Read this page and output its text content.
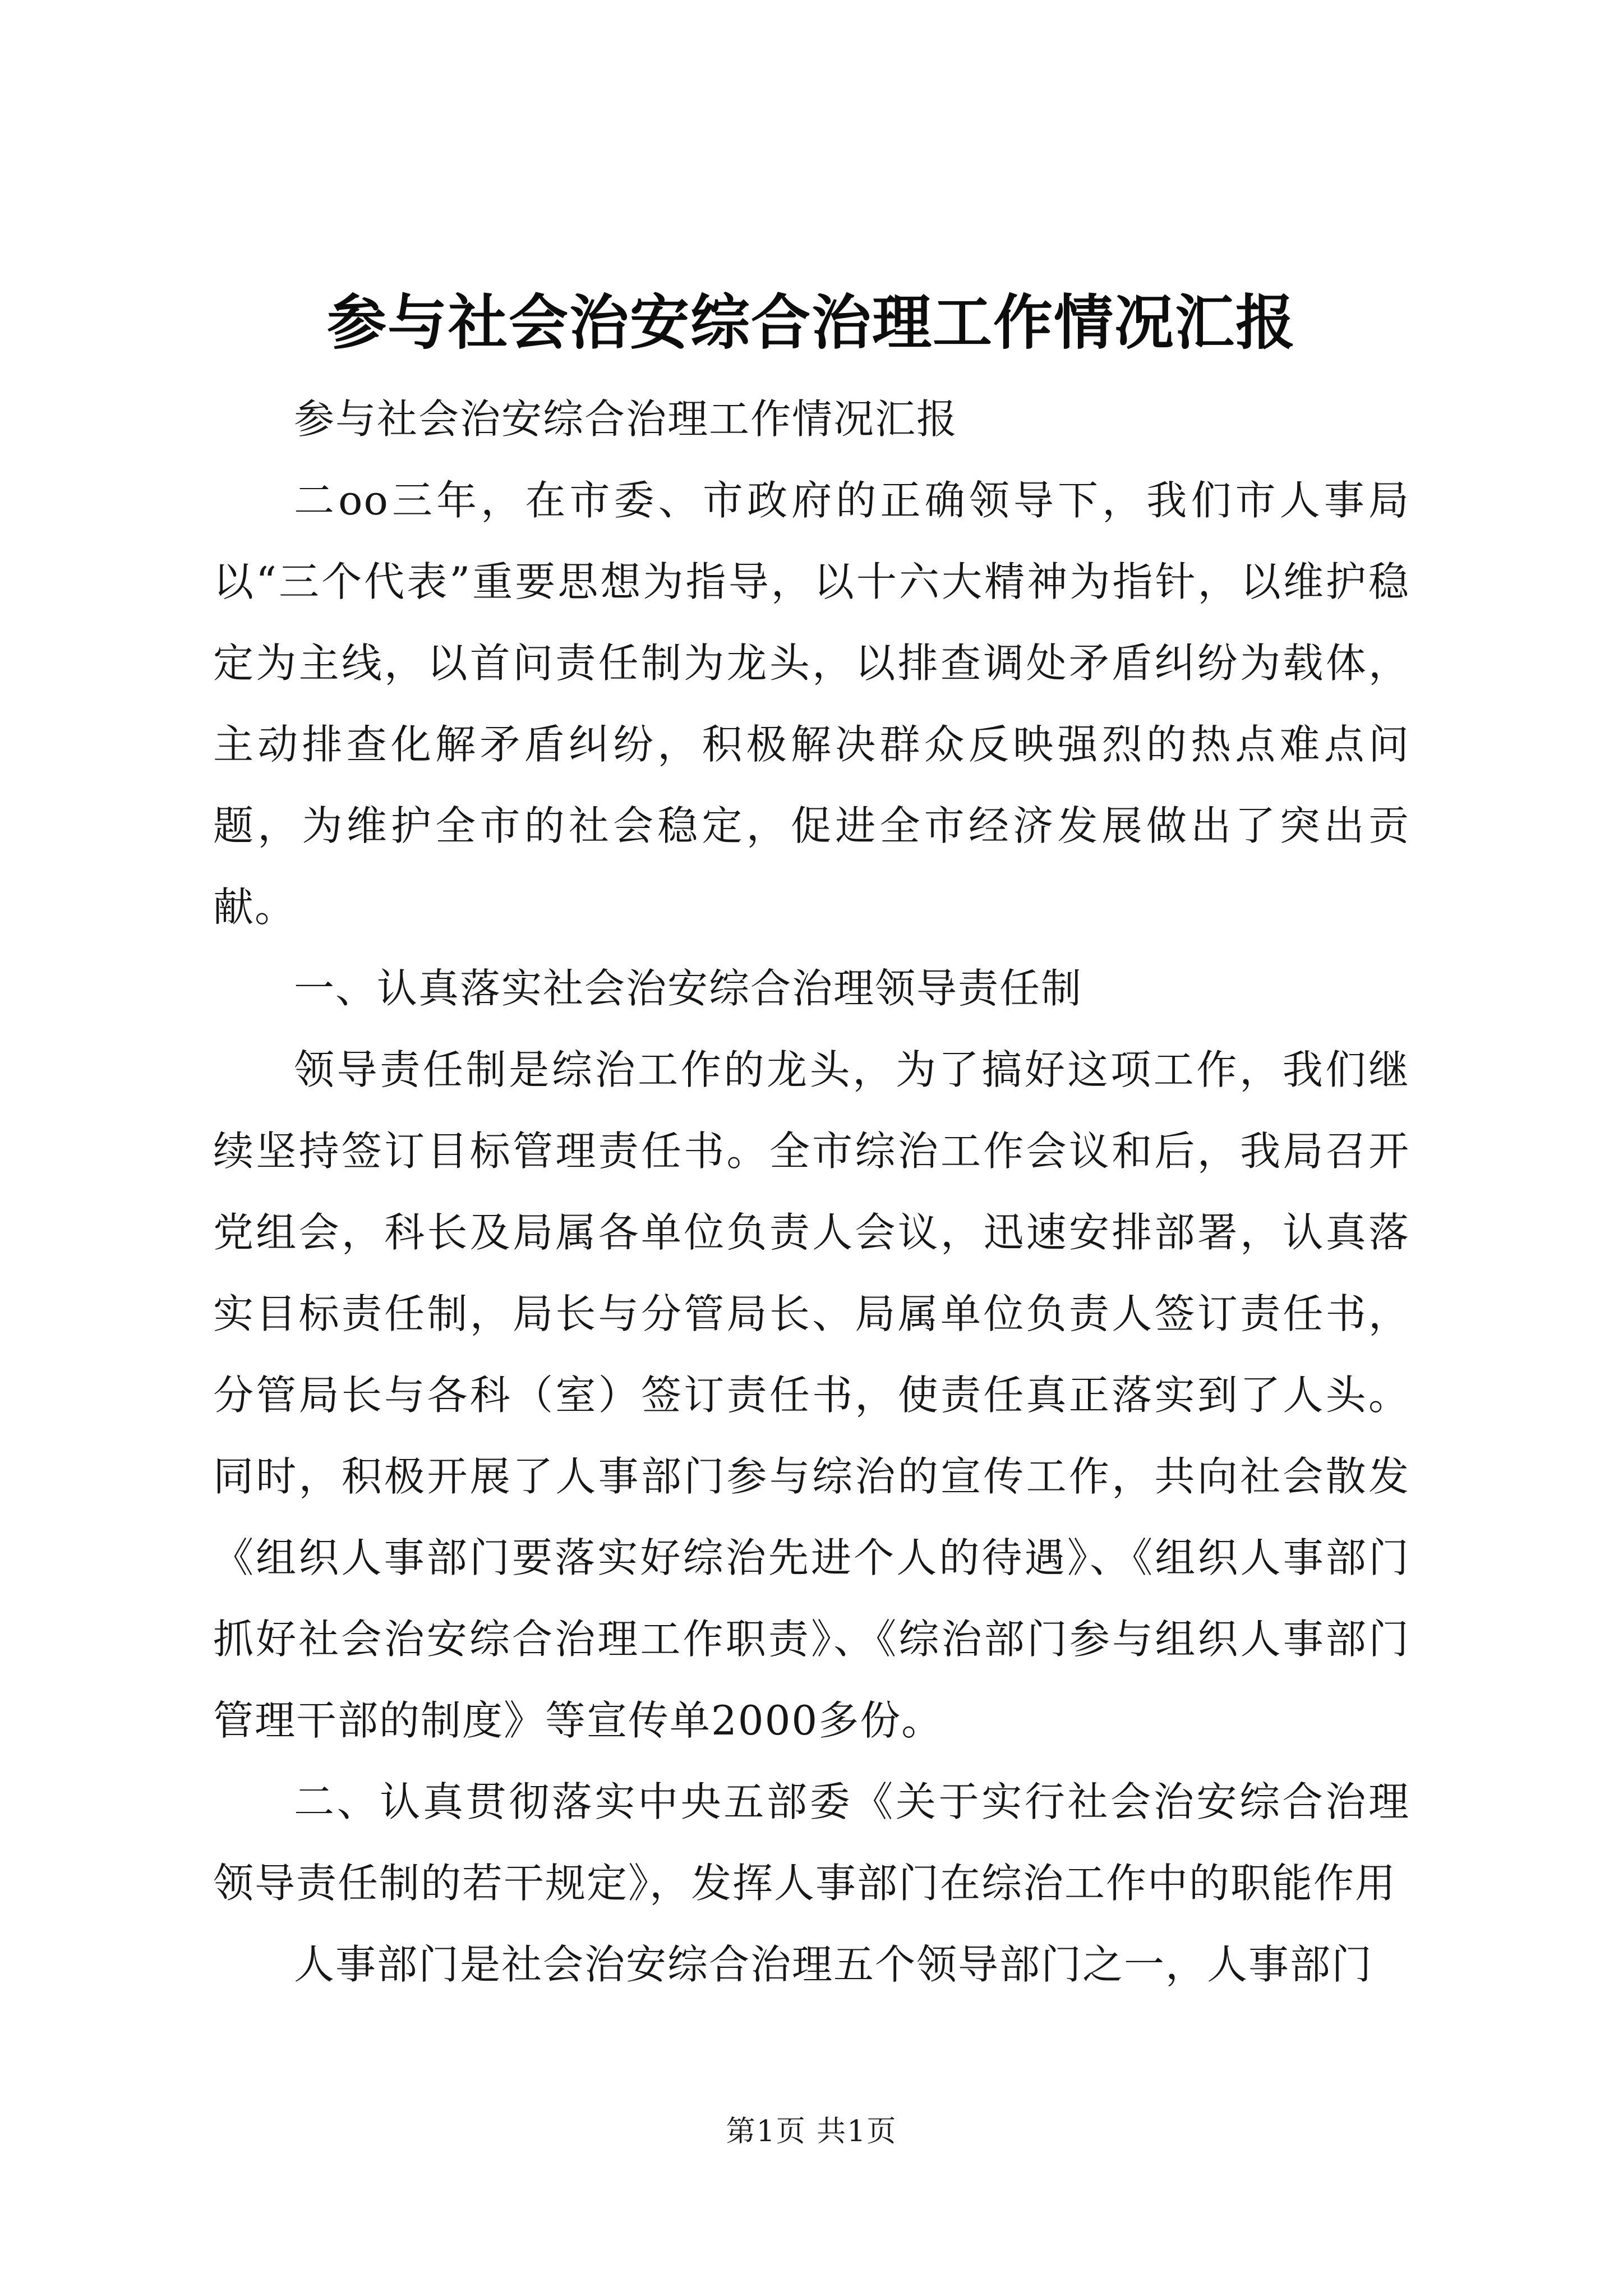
参与社会治安综合治理工作情况汇报

参与社会治安综合治理工作情况汇报

二oo三年，在市委、市政府的正确领导下，我们市人事局以“三个代表”重要思想为指导，以十六大精神为指针，以维护稳定为主线，以首问责任制为龙头，以排查调处矛盾纠纷为载体，主动排查化解矛盾纠纷，积极解决群众反映强烈的热点难点问题，为维护全市的社会稳定，促进全市经济发展做出了突出贡献。

一、认真落实社会治安综合治理领导责任制

领导责任制是综治工作的龙头，为了搞好这项工作，我们继续坚持签订目标管理责任书。全市综治工作会议和后，我局召开党组会，科长及局属各单位负责人会议，迅速安排部署，认真落实目标责任制，局长与分管局长、局属单位负责人签订责任书，分管局长与各科（室）签订责任书，使责任真正落实到了人头。同时，积极开展了人事部门参与综治的宣传工作，共向社会散发《组织人事部门要落实好综治先进个人的待遇》、《组织人事部门抓好社会治安综合治理工作职责》、《综治部门参与组织人事部门管理干部的制度》等宣传单2000多份。

二、认真贯彻落实中央五部委《关于实行社会治安综合治理领导责任制的若干规定》，发挥人事部门在综治工作中的职能作用

人事部门是社会治安综合治理五个领导部门之一，人事部门

第1页 共1页
